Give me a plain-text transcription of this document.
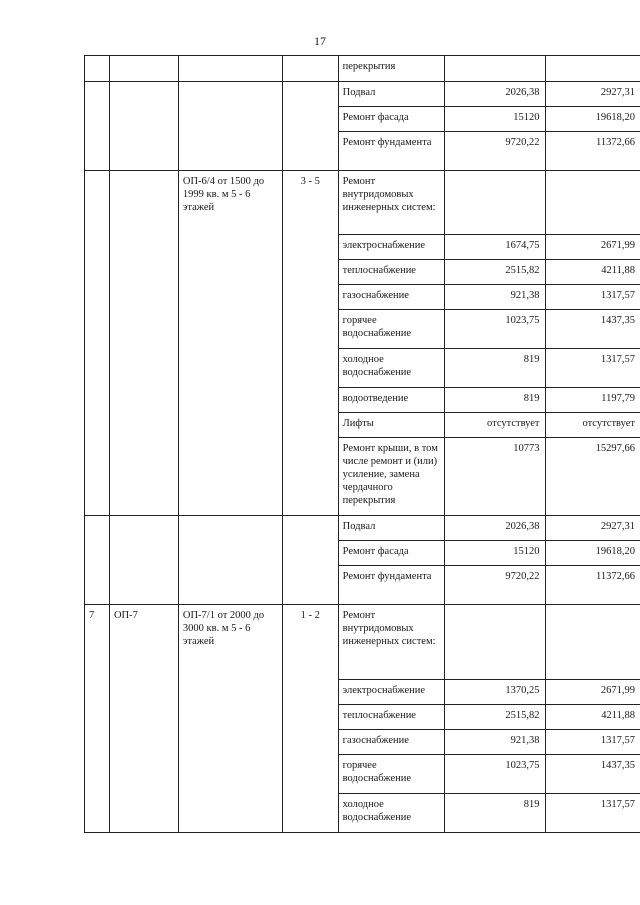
17
				перекрытия		
				Подвал	2026,38	2927,31
				Ремонт фасада	15120	19618,20
				Ремонт фундамента	9720,22	11372,66
		ОП-6/4 от 1500 до 1999 кв. м 5 - 6 этажей	3 - 5	Ремонт внутридомовых инженерных систем:		
				электроснабжение	1674,75	2671,99
				теплоснабжение	2515,82	4211,88
				газоснабжение	921,38	1317,57
				горячее водоснабжение	1023,75	1437,35
				холодное водоснабжение	819	1317,57
				водоотведение	819	1197,79
				Лифты	отсутствует	отсутствует
				Ремонт крыши, в том числе ремонт и (или) усиление, замена чердачного перекрытия	10773	15297,66
				Подвал	2026,38	2927,31
				Ремонт фасада	15120	19618,20
				Ремонт фундамента	9720,22	11372,66
7	ОП-7	ОП-7/1 от 2000 до 3000 кв. м 5 - 6 этажей	1 - 2	Ремонт внутридомовых инженерных систем:		
				электроснабжение	1370,25	2671,99
				теплоснабжение	2515,82	4211,88
				газоснабжение	921,38	1317,57
				горячее водоснабжение	1023,75	1437,35
				холодное водоснабжение	819	1317,57
